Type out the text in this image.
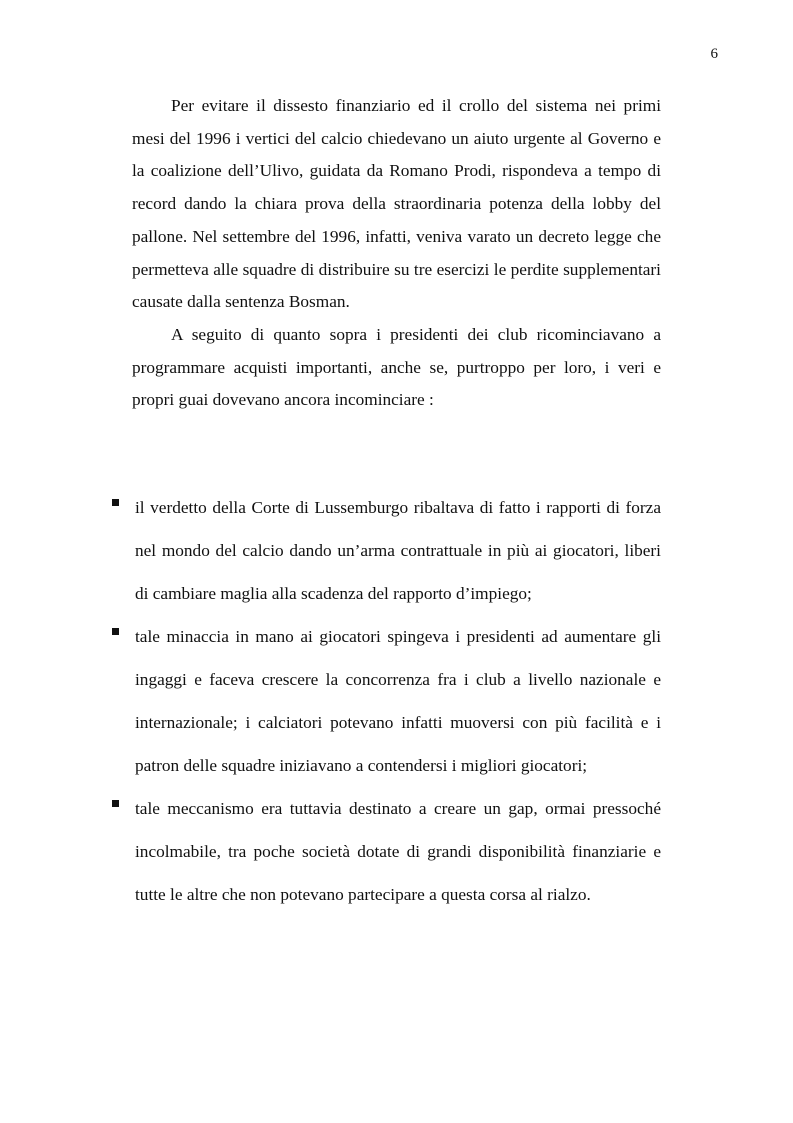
6

Per evitare il dissesto finanziario ed il crollo del sistema nei primi mesi del 1996 i vertici del calcio chiedevano un aiuto urgente al Governo e la coalizione dell’Ulivo, guidata da Romano Prodi, rispondeva a tempo di record dando la chiara prova della straordinaria potenza della lobby del pallone. Nel settembre del 1996, infatti, veniva varato un decreto legge che permetteva alle squadre di distribuire su tre esercizi le perdite supplementari causate dalla sentenza Bosman.

A seguito di quanto sopra i presidenti dei club ricominciavano a programmare acquisti importanti, anche se, purtroppo per loro, i veri e propri guai dovevano ancora incominciare :

il verdetto della Corte di Lussemburgo ribaltava di fatto i rapporti di forza nel mondo del calcio dando un’arma contrattuale in più ai giocatori, liberi di cambiare maglia alla scadenza del rapporto d’impiego;

tale minaccia in mano ai giocatori spingeva i presidenti ad aumentare gli ingaggi e faceva crescere la concorrenza fra i club a livello nazionale e internazionale; i calciatori potevano infatti muoversi con più facilità e i patron delle squadre iniziavano a contendersi i migliori giocatori;

tale meccanismo era tuttavia destinato a creare un gap, ormai pressoché incolmabile, tra poche società dotate di grandi disponibilità finanziarie e tutte le altre che non potevano partecipare a questa corsa al rialzo.
